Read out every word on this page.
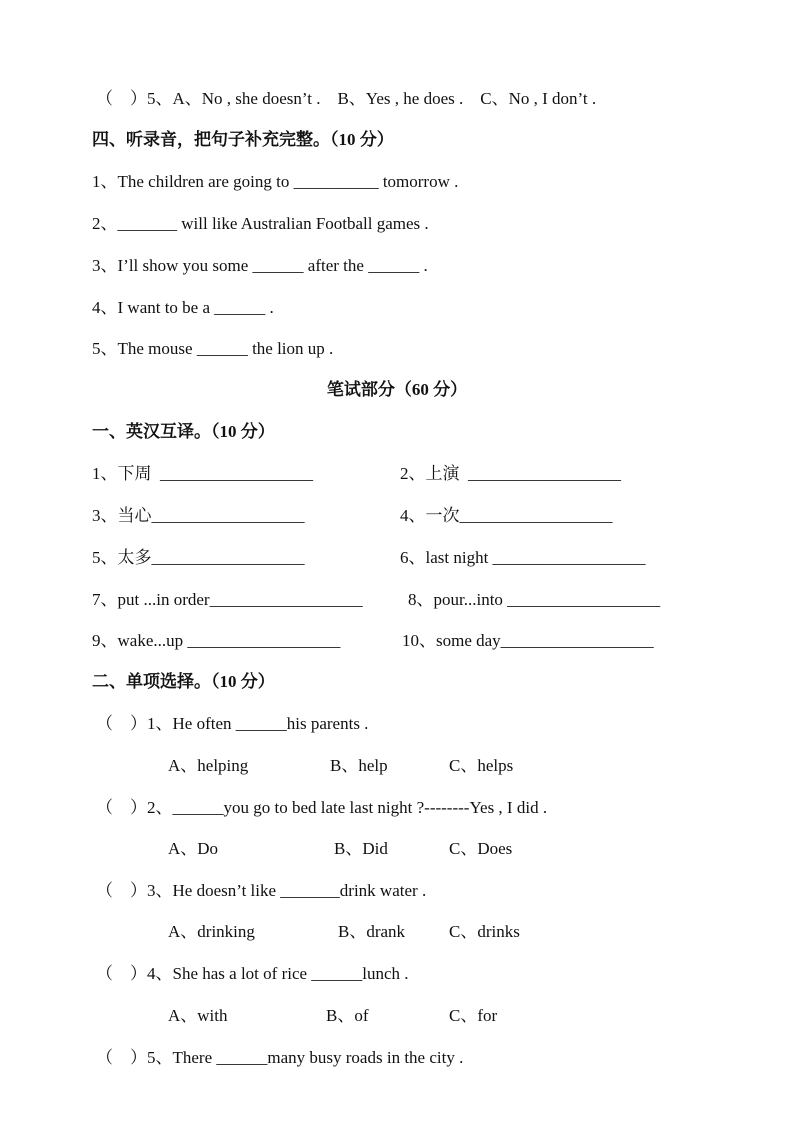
（    ）5、A、No , she doesn’t .    B、Yes , he does .    C、No , I don’t .
四、听录音，把句子补充完整。（10 分）
1、The children are going to __________ tomorrow .
2、_______ will like Australian Football games .
3、I’ll show you some ______ after the ______ .
4、I want to be a ______ .
5、The mouse ______ the lion up .
笔试部分（60 分）
一、英汉互译。（10 分）
1、下周  __________________	2、上演  __________________
3、当心__________________	4、一次__________________
5、太多__________________	6、last night __________________
7、put ...in order__________________	8、pour...into __________________
9、wake...up __________________	10、some day__________________
二、单项选择。（10 分）
（    ）1、He often ______his parents .
A、helping	B、help	C、helps
（    ）2、______you go to bed late last night ?--------Yes , I did .
A、Do	B、Did	C、Does
（    ）3、He doesn’t like _______drink water .
A、drinking	B、drank	C、drinks
（    ）4、She has a lot of rice ______lunch .
A、with	B、of	C、for
（    ）5、There ______many busy roads in the city .
